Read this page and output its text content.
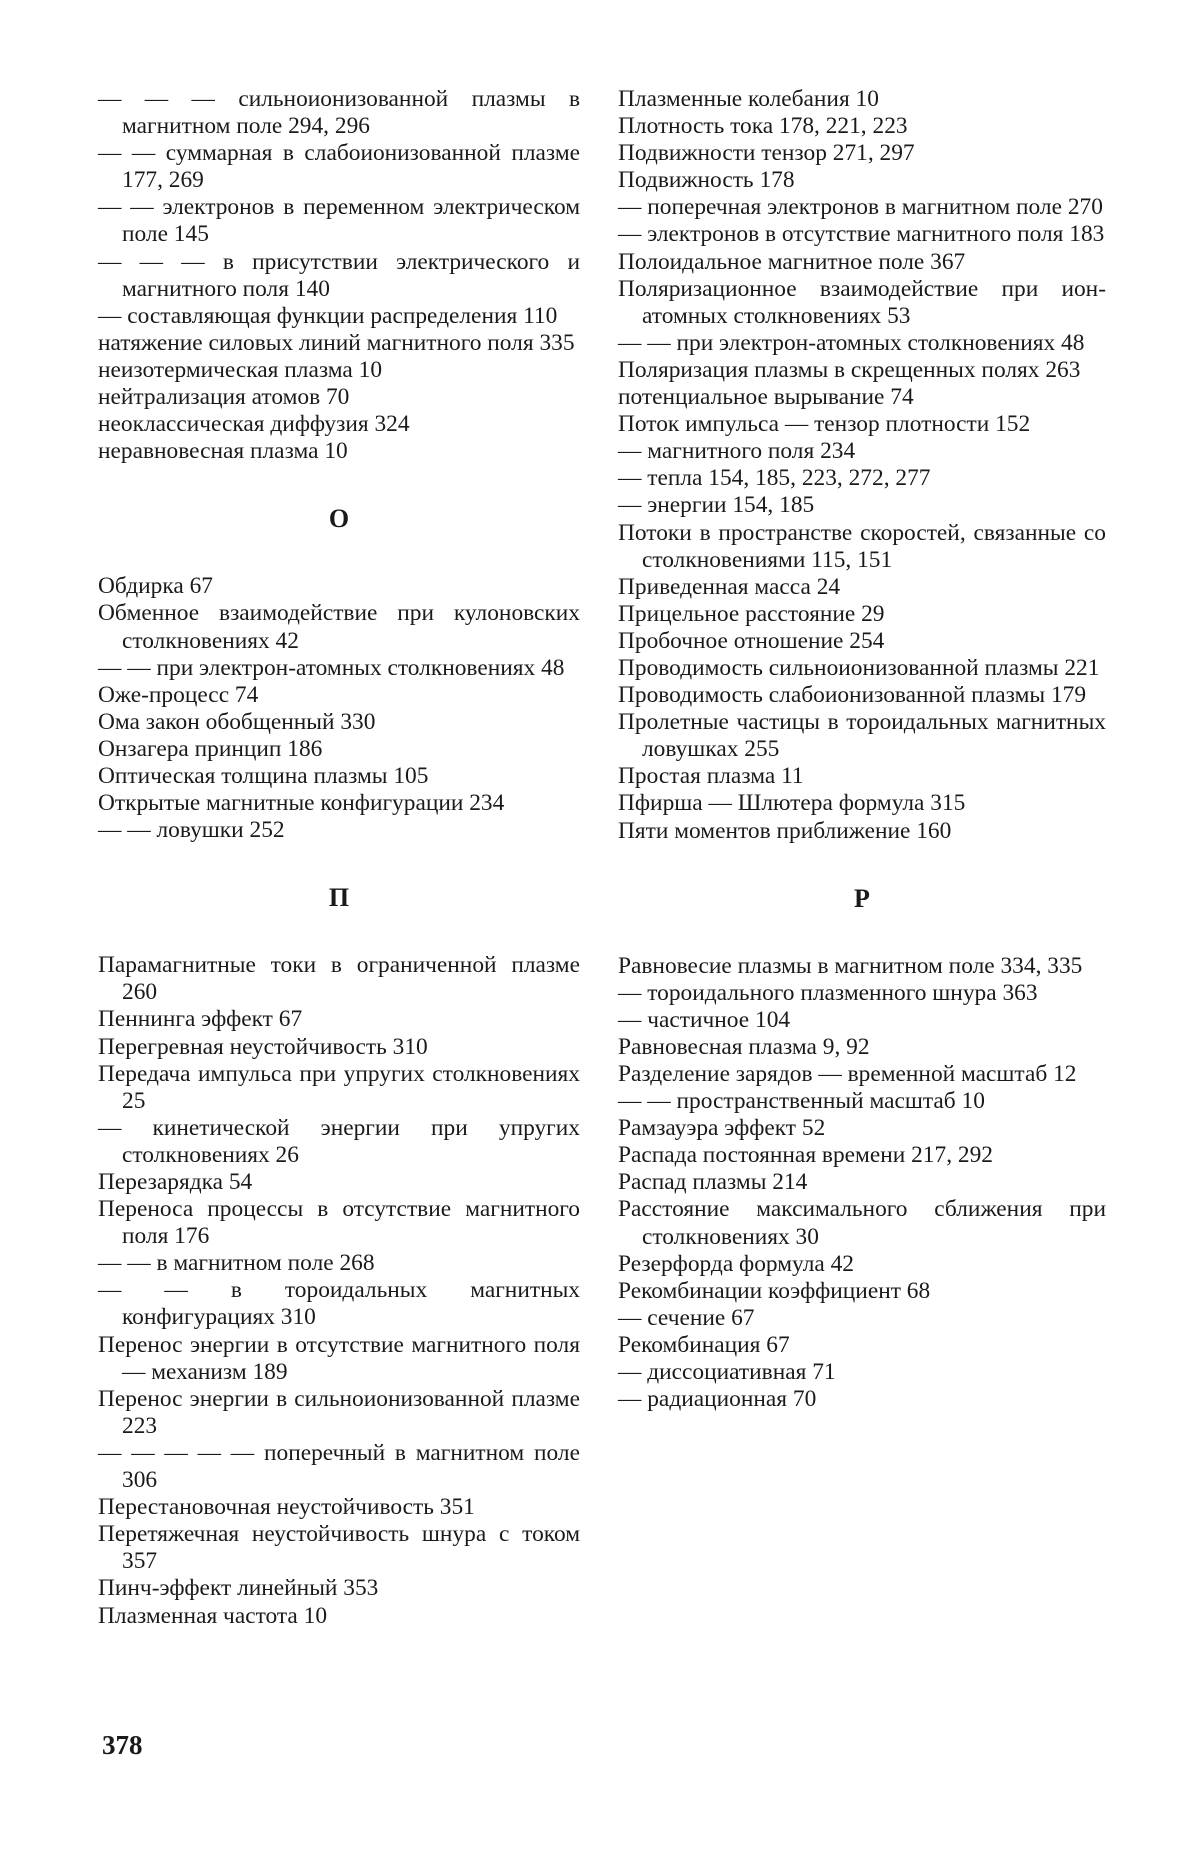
— — — сильноионизованной плазмы в магнитном поле 294, 296
— — суммарная в слабоионизованной плазме 177, 269
— — электронов в переменном электрическом поле 145
— — — в присутствии электрического и магнитного поля 140
— составляющая функции распределения 110
натяжение силовых линий магнитного поля 335
неизотермическая плазма 10
нейтрализация атомов 70
неоклассическая диффузия 324
неравновесная плазма 10
О
Обдирка 67
Обменное взаимодействие при кулоновских столкновениях 42
— — при электрон-атомных столкновениях 48
Оже-процесс 74
Ома закон обобщенный 330
Онзагера принцип 186
Оптическая толщина плазмы 105
Открытые магнитные конфигурации 234
— — ловушки 252
П
Парамагнитные токи в ограниченной плазме 260
Пеннинга эффект 67
Перегревная неустойчивость 310
Передача импульса при упругих столкновениях 25
— кинетической энергии при упругих столкновениях 26
Перезарядка 54
Переноса процессы в отсутствие магнитного поля 176
— — в магнитном поле 268
— — в тороидальных магнитных конфигурациях 310
Перенос энергии в отсутствие магнитного поля — механизм 189
Перенос энергии в сильноионизованной плазме 223
— — — — — поперечный в магнитном поле 306
Перестановочная неустойчивость 351
Перетяжечная неустойчивость шнура с током 357
Пинч-эффект линейный 353
Плазменная частота 10
Плазменные колебания 10
Плотность тока 178, 221, 223
Подвижности тензор 271, 297
Подвижность 178
— поперечная электронов в магнитном поле 270
— электронов в отсутствие магнитного поля 183
Полоидальное магнитное поле 367
Поляризационное взаимодействие при ион-атомных столкновениях 53
— — при электрон-атомных столкновениях 48
Поляризация плазмы в скрещенных полях 263
потенциальное вырывание 74
Поток импульса — тензор плотности 152
— магнитного поля 234
— тепла 154, 185, 223, 272, 277
— энергии 154, 185
Потоки в пространстве скоростей, связанные со столкновениями 115, 151
Приведенная масса 24
Прицельное расстояние 29
Пробочное отношение 254
Проводимость сильноионизованной плазмы 221
Проводимость слабоионизованной плазмы 179
Пролетные частицы в тороидальных магнитных ловушках 255
Простая плазма 11
Пфирша — Шлютера формула 315
Пяти моментов приближение 160
Р
Равновесие плазмы в магнитном поле 334, 335
— тороидального плазменного шнура 363
— частичное 104
Равновесная плазма 9, 92
Разделение зарядов — временной масштаб 12
— — пространственный масштаб 10
Рамзауэра эффект 52
Распада постоянная времени 217, 292
Распад плазмы 214
Расстояние максимального сближения при столкновениях 30
Резерфорда формула 42
Рекомбинации коэффициент 68
— сечение 67
Рекомбинация 67
— диссоциативная 71
— радиационная 70
378
